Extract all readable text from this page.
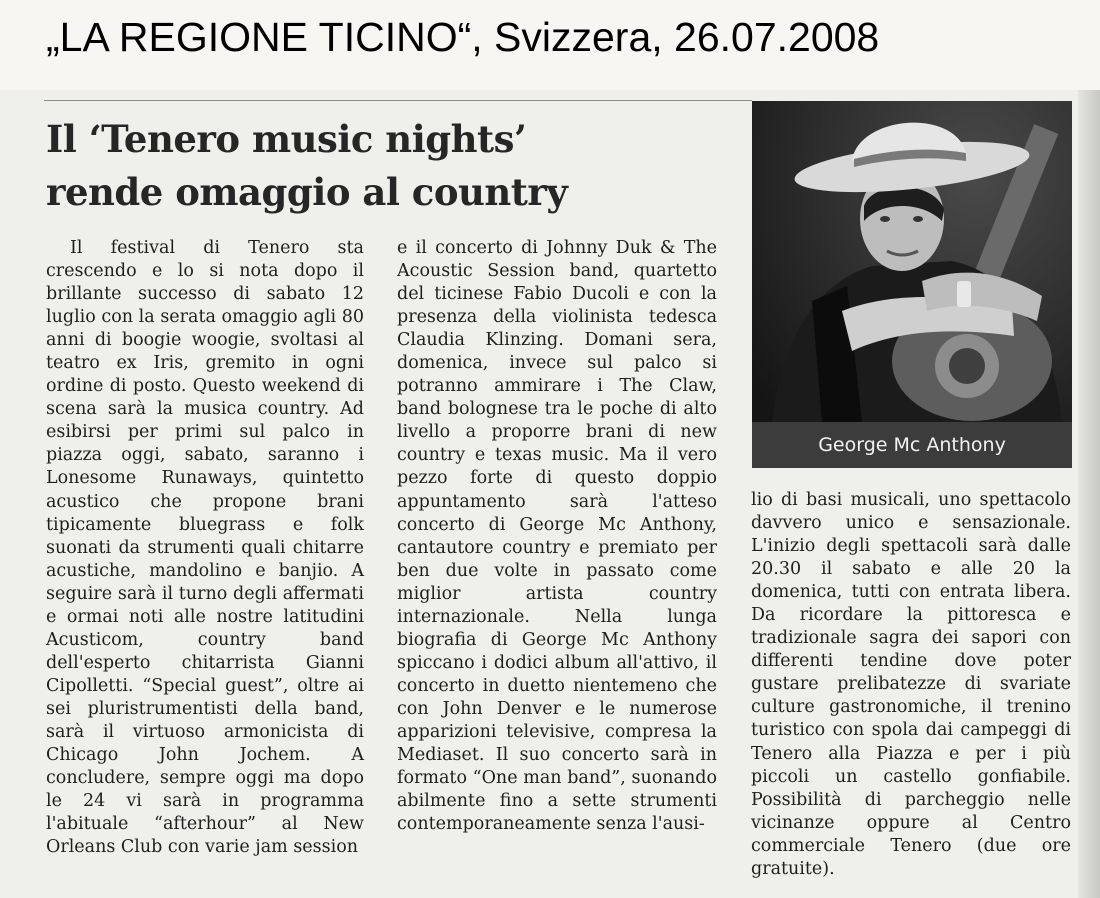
„LA REGIONE TICINO“, Svizzera, 26.07.2008
Il ‘Tenero music nights’
rende omaggio al country

Il festival di Tenero sta crescendo e lo si nota dopo il brillante successo di sabato 12 luglio con la serata omaggio agli 80 anni di boogie woogie, svoltasi al teatro ex Iris, gremito in ogni ordine di posto. Questo weekend di scena sarà la musica country. Ad esibirsi per primi sul palco in piazza oggi, sabato, saranno i Lonesome Runaways, quintetto acustico che propone brani tipicamente bluegrass e folk suonati da strumenti quali chitarre acustiche, mandolino e banjio. A seguire sarà il turno degli affermati e ormai noti alle nostre latitudini Acusticom, country band dell'esperto chitarrista Gianni Cipolletti. “Special guest”, oltre ai sei pluristrumentisti della band, sarà il virtuoso armonicista di Chicago John Jochem. A concludere, sempre oggi ma dopo le 24 vi sarà in programma l'abituale “afterhour” al New Orleans Club con varie jam session

e il concerto di Johnny Duk & The Acoustic Session band, quartetto del ticinese Fabio Ducoli e con la presenza della violinista tedesca Claudia Klinzing. Domani sera, domenica, invece sul palco si potranno ammirare i The Claw, band bolognese tra le poche di alto livello a proporre brani di new country e texas music. Ma il vero pezzo forte di questo doppio appuntamento sarà l'atteso concerto di George Mc Anthony, cantautore country e premiato per ben due volte in passato come miglior artista country internazionale. Nella lunga biografia di George Mc Anthony spiccano i dodici album all'attivo, il concerto in duetto nientemeno che con John Denver e le numerose apparizioni televisive, compresa la Mediaset. Il suo concerto sarà in formato “One man band”, suonando abilmente fino a sette strumenti contemporaneamente senza l'ausi-

lio di basi musicali, uno spettacolo davvero unico e sensazionale. L'inizio degli spettacoli sarà dalle 20.30 il sabato e alle 20 la domenica, tutti con entrata libera. Da ricordare la pittoresca e tradizionale sagra dei sapori con differenti tendine dove poter gustare prelibatezze di svariate culture gastronomiche, il trenino turistico con spola dai campeggi di Tenero alla Piazza e per i più piccoli un castello gonfiabile. Possibilità di parcheggio nelle vicinanze oppure al Centro commerciale Tenero (due ore gratuite).

George Mc Anthony
